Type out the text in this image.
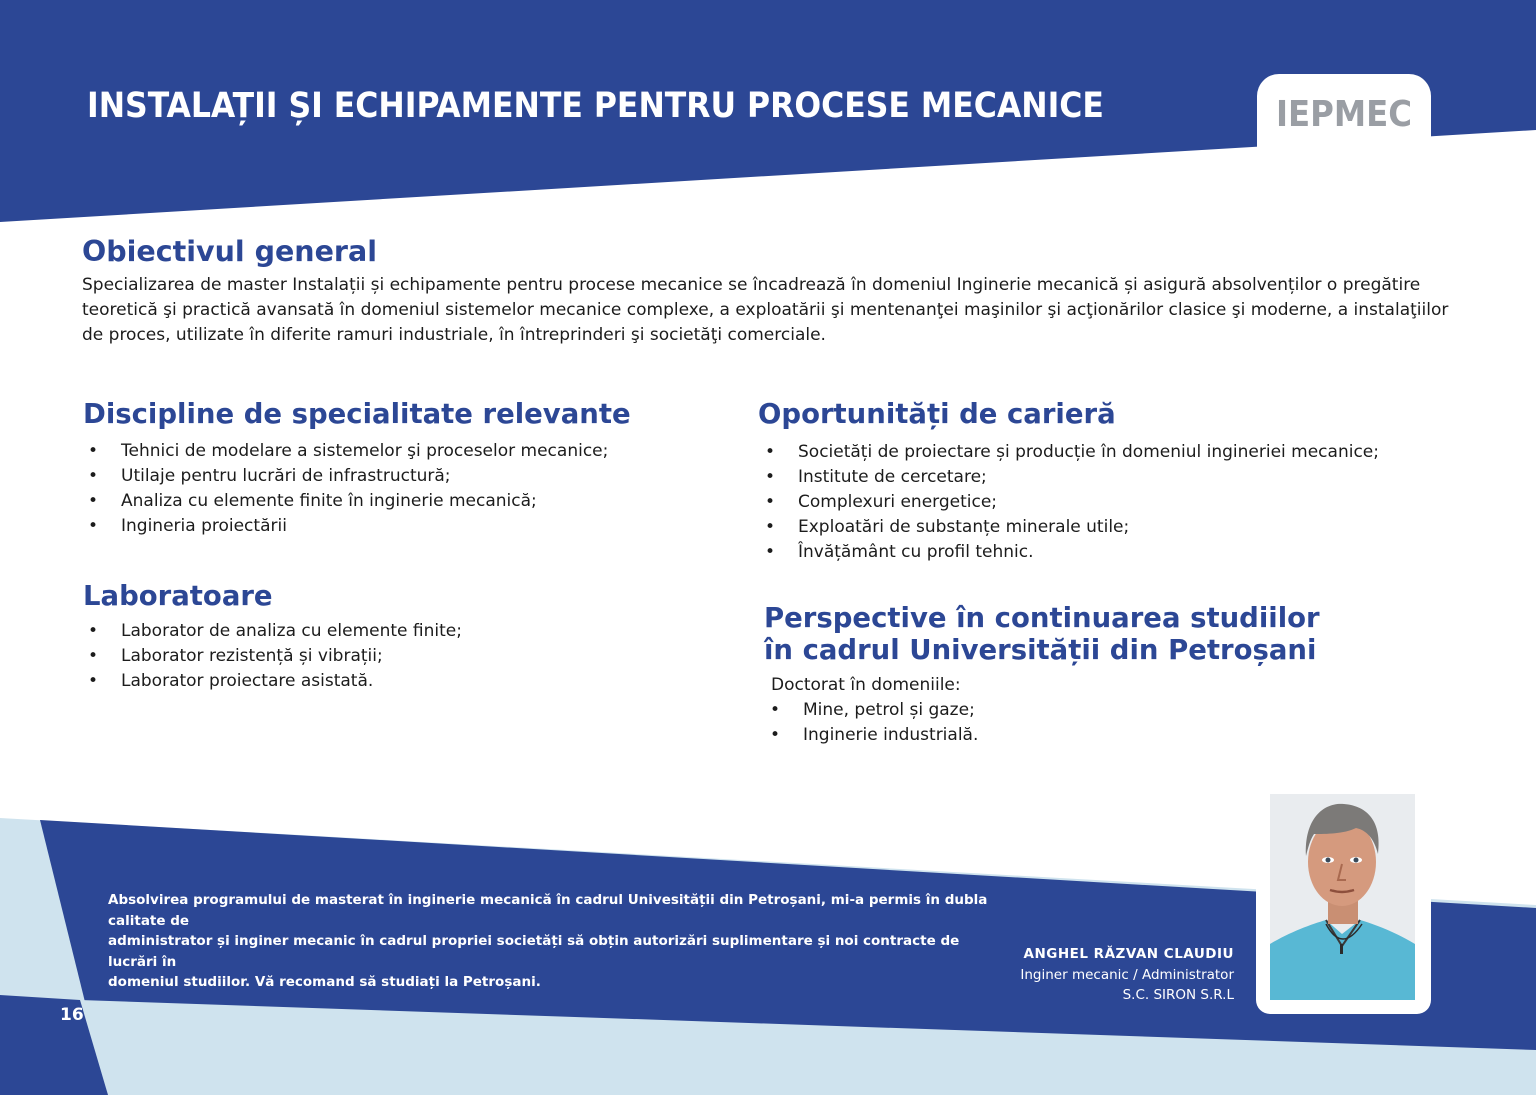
INSTALAȚII ȘI ECHIPAMENTE PENTRU PROCESE MECANICE	IEPMEC
Obiectivul general
Specializarea de master Instalații și echipamente pentru procese mecanice se încadrează în domeniul Inginerie mecanică și asigură absolvenților o pregătire
teoretică şi practică avansată în domeniul sistemelor mecanice complexe, a exploatării şi mentenanţei maşinilor şi acţionărilor clasice şi moderne, a instalaţiilor
de proces, utilizate în diferite ramuri industriale, în întreprinderi şi societăţi comerciale.
Discipline de specialitate relevante
• Tehnici de modelare a sistemelor şi proceselor mecanice;
• Utilaje pentru lucrări de infrastructură;
• Analiza cu elemente finite în inginerie mecanică;
• Ingineria proiectării
Laboratoare
• Laborator de analiza cu elemente finite;
• Laborator rezistență și vibrații;
• Laborator proiectare asistată.
Oportunități de carieră
• Societăți de proiectare și producție în domeniul ingineriei mecanice;
• Institute de cercetare;
• Complexuri energetice;
• Exploatări de substanțe minerale utile;
• Învățământ cu profil tehnic.
Perspective în continuarea studiilor
în cadrul Universității din Petroșani
Doctorat în domeniile:
• Mine, petrol și gaze;
• Inginerie industrială.
Absolvirea programului de masterat în inginerie mecanică în cadrul Univesității din Petroșani, mi-a permis în dubla calitate de
administrator și inginer mecanic în cadrul propriei societăți să obțin autorizări suplimentare și noi contracte de lucrări în
domeniul studiilor. Vă recomand să studiați la Petroșani.
ANGHEL RĂZVAN CLAUDIU
Inginer mecanic / Administrator
S.C. SIRON S.R.L
16
